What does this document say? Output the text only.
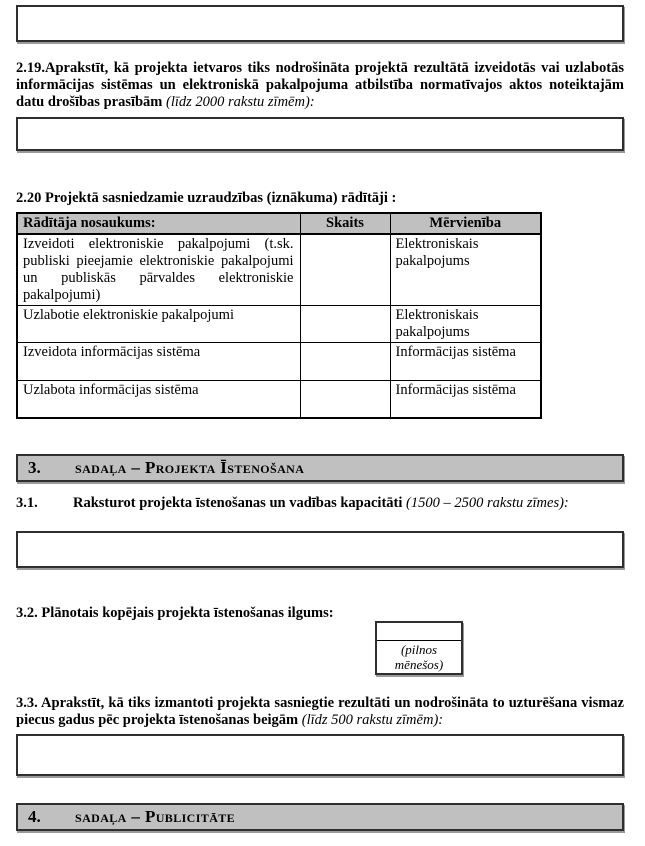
2.19.Aprakstīt, kā projekta ietvaros tiks nodrošināta projektā rezultātā izveidotās vai uzlabotās informācijas sistēmas un elektroniskā pakalpojuma atbilstība normatīvajos aktos noteiktajām datu drošības prasībām (līdz 2000 rakstu zīmēm):

2.20 Projektā sasniedzamie uzraudzības (iznākuma) rādītāji :

Rādītāja nosaukums:	Skaits	Mērvienība
Izveidoti elektroniskie pakalpojumi (t.sk. publiski pieejamie elektroniskie pakalpojumi un publiskās pārvaldes elektroniskie pakalpojumi)		Elektroniskais pakalpojums
Uzlabotie elektroniskie pakalpojumi		Elektroniskais pakalpojums
Izveidota informācijas sistēma		Informācijas sistēma
Uzlabota informācijas sistēma		Informācijas sistēma
3.	sadaļa – Projekta Īstenošana

3.1. Raksturot projekta īstenošanas un vadības kapacitāti (1500 – 2500 rakstu zīmes):

3.2. Plānotais kopējais projekta īstenošanas ilgums:

(pilnos mēnešos)

3.3. Aprakstīt, kā tiks izmantoti projekta sasniegtie rezultāti un nodrošināta to uzturēšana vismaz piecus gadus pēc projekta īstenošanas beigām (līdz 500 rakstu zīmēm):

4.	sadaļa – Publicitāte
